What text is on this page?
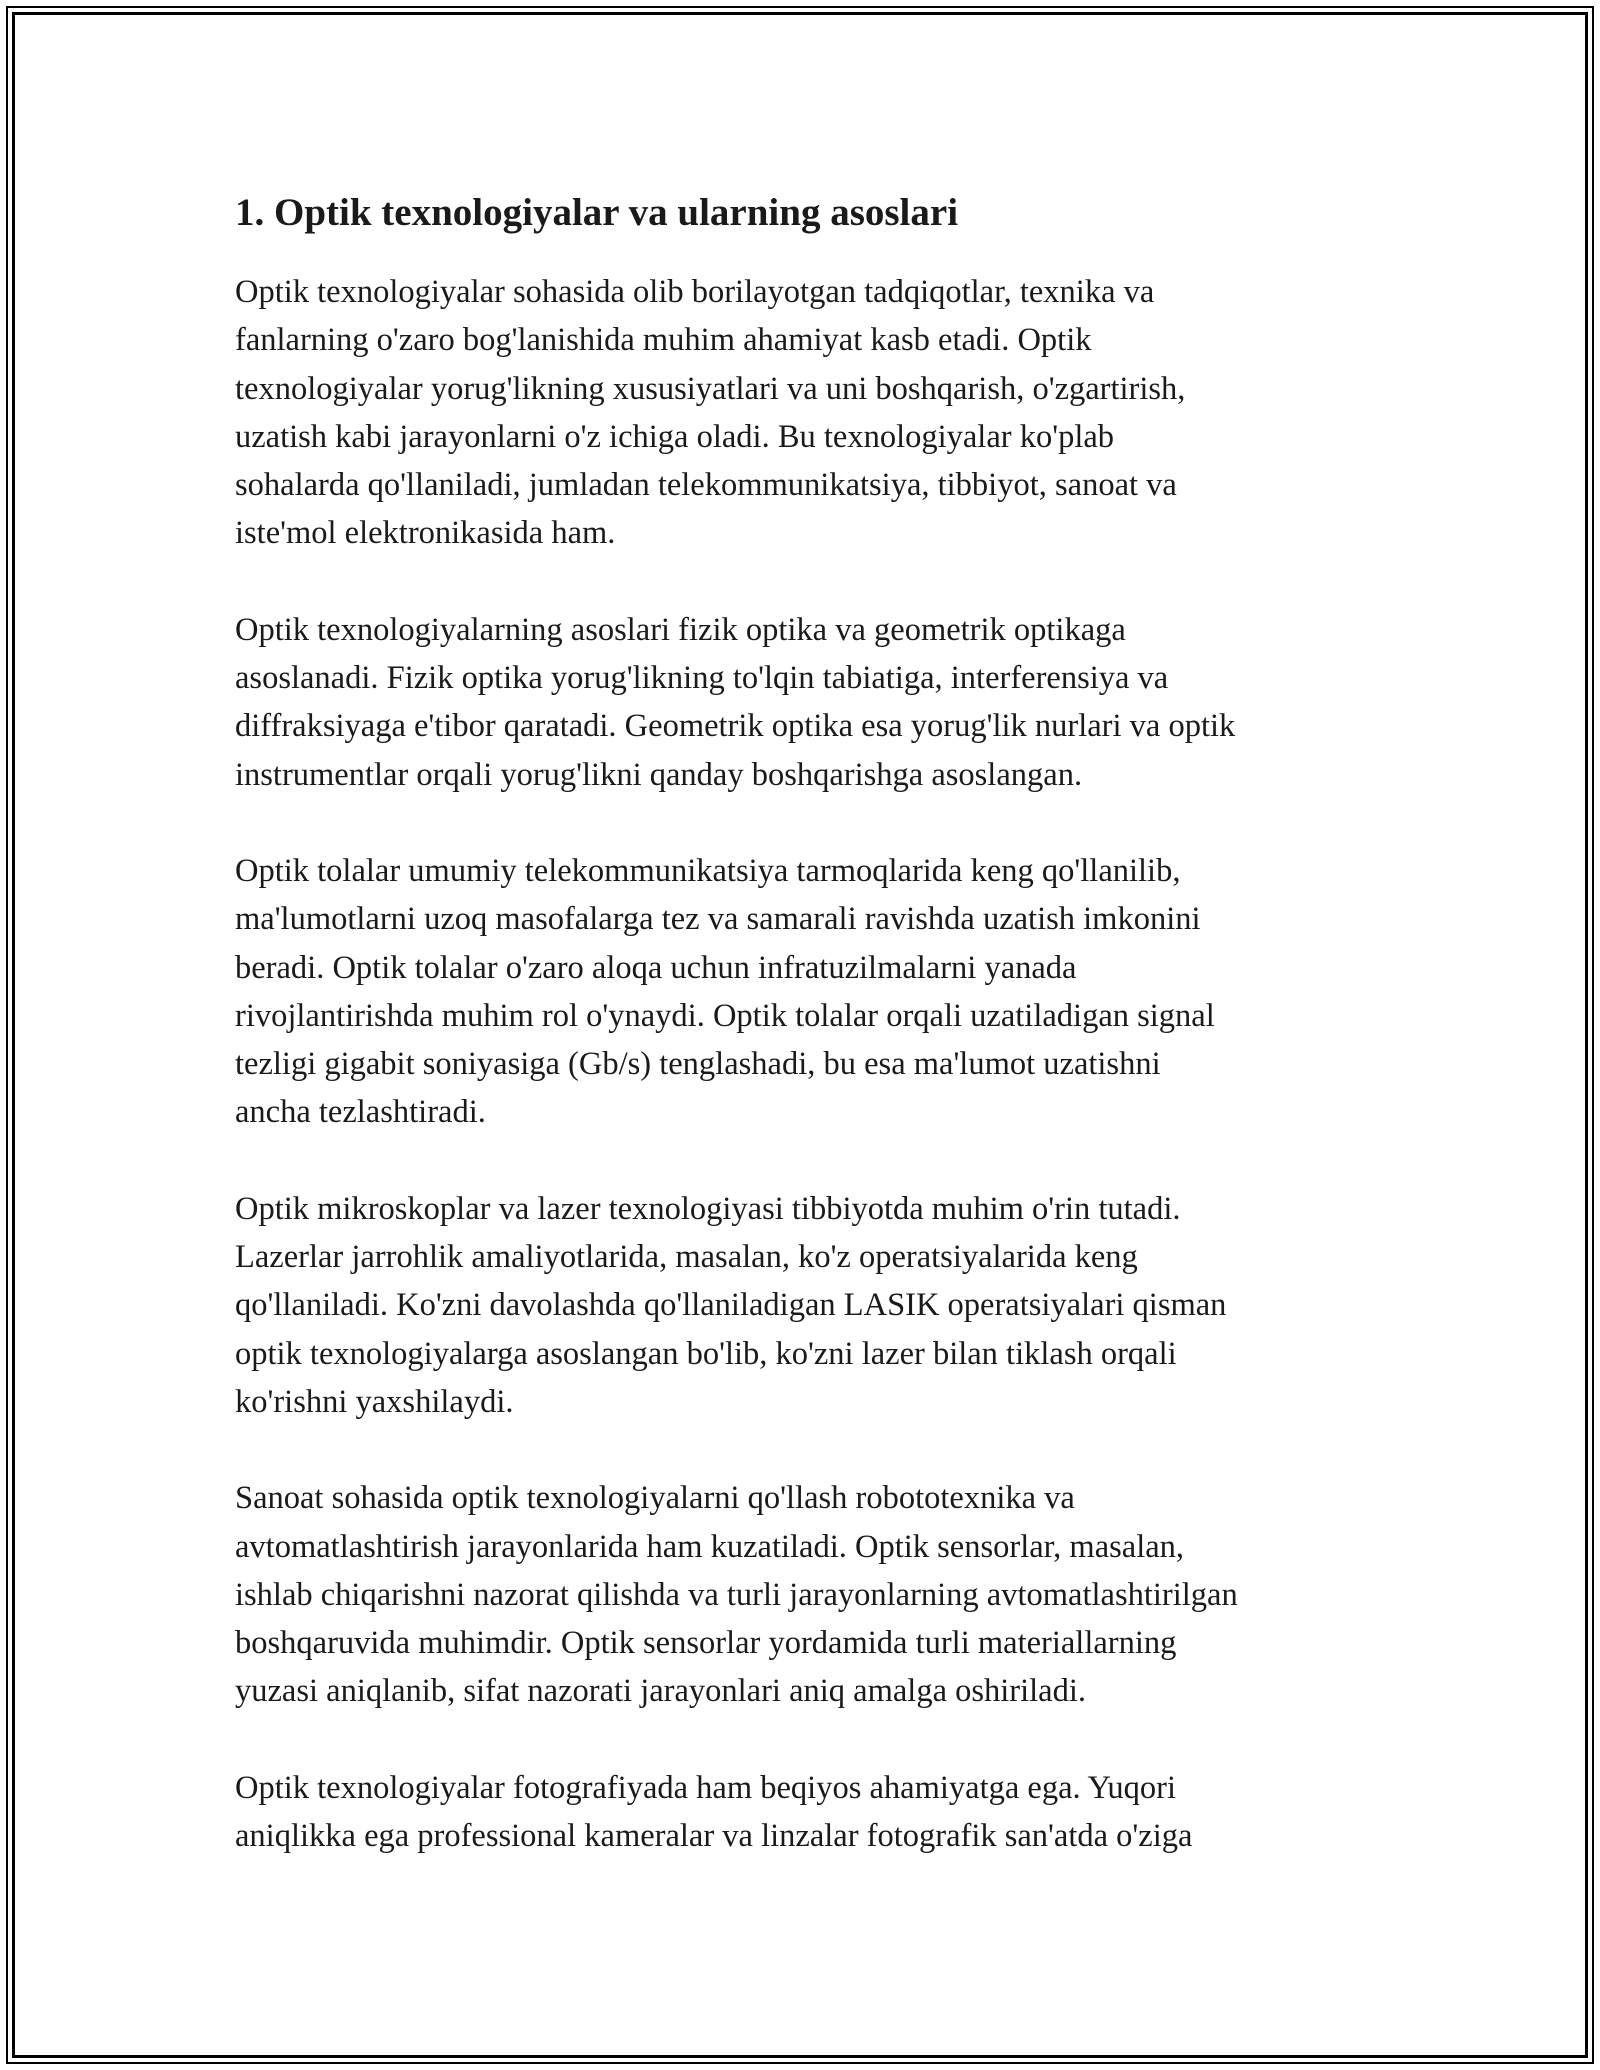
1. Optik texnologiyalar va ularning asoslari

Optik texnologiyalar sohasida olib borilayotgan tadqiqotlar, texnika va
fanlarning o'zaro bog'lanishida muhim ahamiyat kasb etadi. Optik
texnologiyalar yorug'likning xususiyatlari va uni boshqarish, o'zgartirish,
uzatish kabi jarayonlarni o'z ichiga oladi. Bu texnologiyalar ko'plab
sohalarda qo'llaniladi, jumladan telekommunikatsiya, tibbiyot, sanoat va
iste'mol elektronikasida ham.

Optik texnologiyalarning asoslari fizik optika va geometrik optikaga
asoslanadi. Fizik optika yorug'likning to'lqin tabiatiga, interferensiya va
diffraksiyaga e'tibor qaratadi. Geometrik optika esa yorug'lik nurlari va optik
instrumentlar orqali yorug'likni qanday boshqarishga asoslangan.

Optik tolalar umumiy telekommunikatsiya tarmoqlarida keng qo'llanilib,
ma'lumotlarni uzoq masofalarga tez va samarali ravishda uzatish imkonini
beradi. Optik tolalar o'zaro aloqa uchun infratuzilmalarni yanada
rivojlantirishda muhim rol o'ynaydi. Optik tolalar orqali uzatiladigan signal
tezligi gigabit soniyasiga (Gb/s) tenglashadi, bu esa ma'lumot uzatishni
ancha tezlashtiradi.

Optik mikroskoplar va lazer texnologiyasi tibbiyotda muhim o'rin tutadi.
Lazerlar jarrohlik amaliyotlarida, masalan, ko'z operatsiyalarida keng
qo'llaniladi. Ko'zni davolashda qo'llaniladigan LASIK operatsiyalari qisman
optik texnologiyalarga asoslangan bo'lib, ko'zni lazer bilan tiklash orqali
ko'rishni yaxshilaydi.

Sanoat sohasida optik texnologiyalarni qo'llash robototexnika va
avtomatlashtirish jarayonlarida ham kuzatiladi. Optik sensorlar, masalan,
ishlab chiqarishni nazorat qilishda va turli jarayonlarning avtomatlashtirilgan
boshqaruvida muhimdir. Optik sensorlar yordamida turli materiallarning
yuzasi aniqlanib, sifat nazorati jarayonlari aniq amalga oshiriladi.

Optik texnologiyalar fotografiyada ham beqiyos ahamiyatga ega. Yuqori
aniqlikka ega professional kameralar va linzalar fotografik san'atda o'ziga
